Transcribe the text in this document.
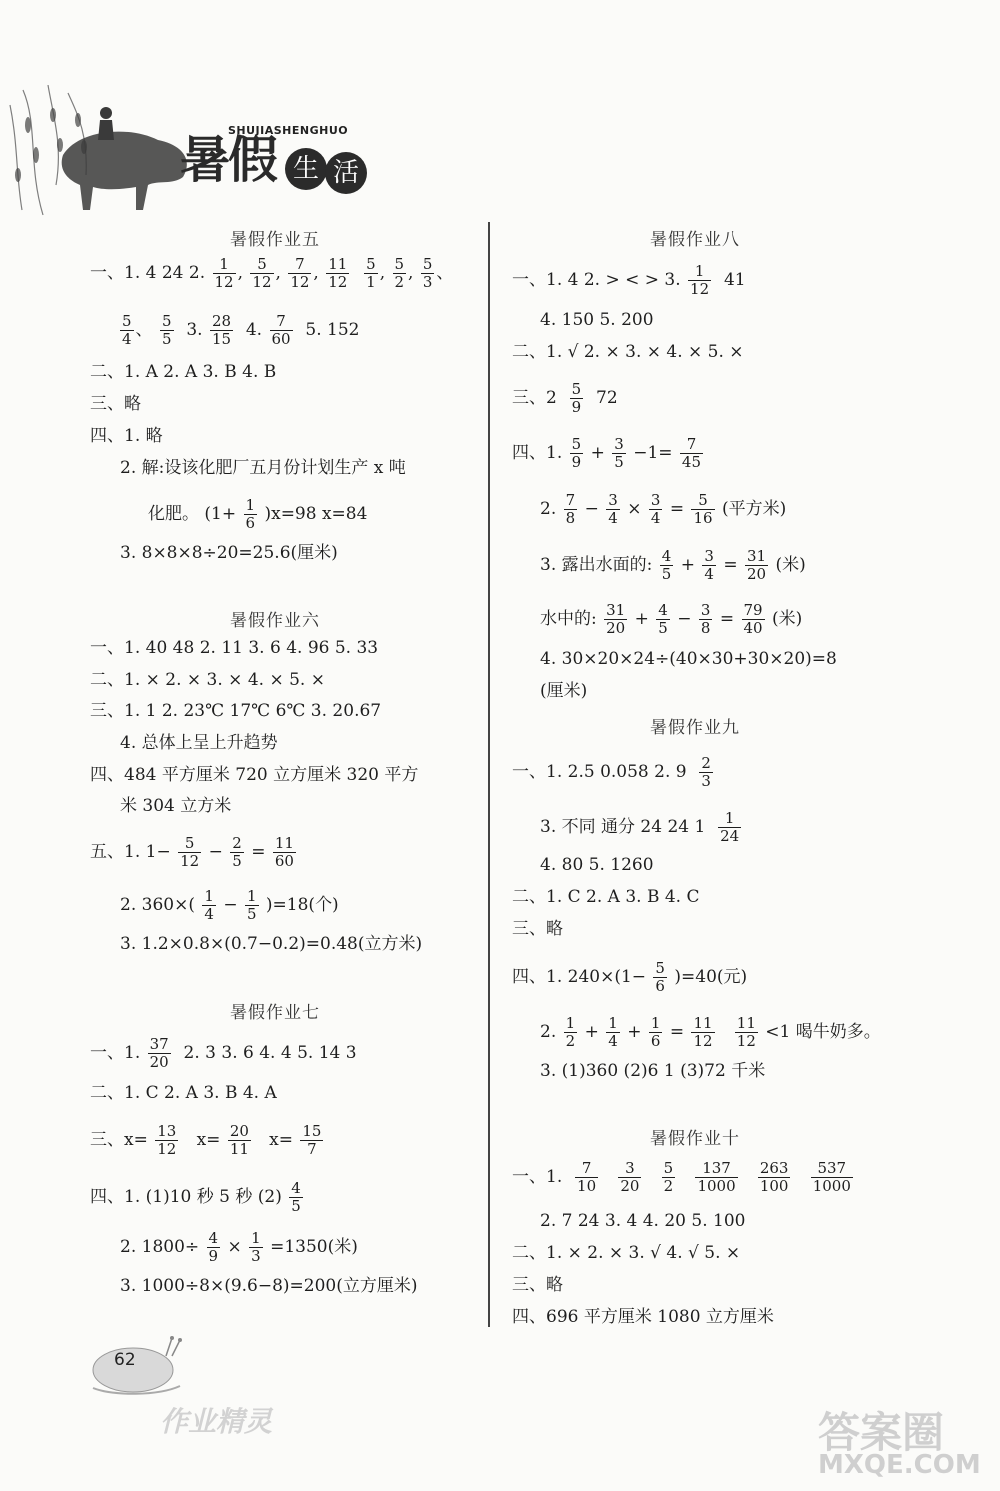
暑假
SHUJIASHENGHUO
生 活
暑假作业五
一、1. 4 24 2. $\frac{1}{12}$ , $\frac{5}{12}$ , $\frac{7}{12}$ , $\frac{11}{12}$
$\frac{5}{1}$ , $\frac{5}{2}$ , $\frac{5}{3}$ 、
$\frac{5}{4}$ 、 $\frac{5}{5} 3$. $\frac{28}{15} 4$. $\frac{7}{60} 5$. 152
二、1. A 2. A 3. B 4. B
三、略
四、1. 略
2. 解:设该化肥厂五月份计划生产 x 吨
化肥。 $(1+ \frac{1}{6} )x=98$ x=84
3. 8×8×8÷20=25.6(厘米)
暑假作业六
一、1. 40 48 2. 11 3. 6 4. 96 5. 33
二、1. × 2. × 3. × 4. × 5. ×
三、1. 1 2. 23℃ 17℃ 6℃ 3. 20.67
4. 总体上呈上升趋势
四、484 平方厘米 720 立方厘米 320 平方
米 304 立方米
五、1. $1- \frac{5}{12} - \frac{2}{5} = \frac{11}{60}$
2. $360\times( \frac{1}{4} - \frac{1}{5} )=18$(个)
3. 1.2×0.8×(0.7−0.2)=0.48(立方米)
暑假作业七
一、1. $\frac{37}{20} 2$. 3 3. 6 4. 4 5. 14 3
二、1. C 2. A 3. B 4. A
三、$x= \frac{13}{12} x= \frac{20}{11} x= \frac{15}{7}$
四、1. (1)10 秒 5 秒 $(2) \frac{4}{5}$
2. $1800\div \frac{4}{9} \times \frac{1}{3} =1350$(米)
3. 1000÷8×(9.6−8)=200(立方厘米)
暑假作业八
一、1. 4 2. > < > 3. $\frac{1}{12} 41$
4. 150 5. 200
二、1. √ 2. × 3. × 4. × 5. ×
三、$2 \frac{5}{9} 72$
四、1. $\frac{5}{9} + \frac{3}{5} -1= \frac{7}{45}$
2. $\frac{7}{8} - \frac{3}{4} \times \frac{3}{4} = \frac{5}{16}$ (平方米)
3. 露出水面的: $\frac{4}{5} + \frac{3}{4} = \frac{31}{20}$ (米)
水中的: $\frac{31}{20} + \frac{4}{5} - \frac{3}{8} = \frac{79}{40}$ (米)
4. 30×20×24÷(40×30+30×20)=8
(厘米)
暑假作业九
一、1. 2.5 0.058 2. $9 \frac{2}{3}$
3. 不同 通分 24 24 $1 \frac{1}{24}$
4. 80 5. 1260
二、1. C 2. A 3. B 4. C
三、略
四、1. $240\times(1- \frac{5}{6} )=40$(元)
2. $\frac{1}{2} + \frac{1}{4} + \frac{1}{6} = \frac{11}{12}$
$\frac{11}{12} <1$ 喝牛奶多。
3. (1)360 (2)6 1 (3)72 千米
暑假作业十
一、1. $\frac{7}{10}$
$\frac{3}{20}$
$\frac{5}{2}$
$\frac{137}{1000}$
$\frac{263}{100}$
$\frac{537}{1000}$
2. 7 24 3. 4 4. 20 5. 100
二、1. × 2. × 3. √ 4. √ 5. ×
三、略
四、696 平方厘米 1080 立方厘米
62
作业精灵	答案圈
MXQE.COM
